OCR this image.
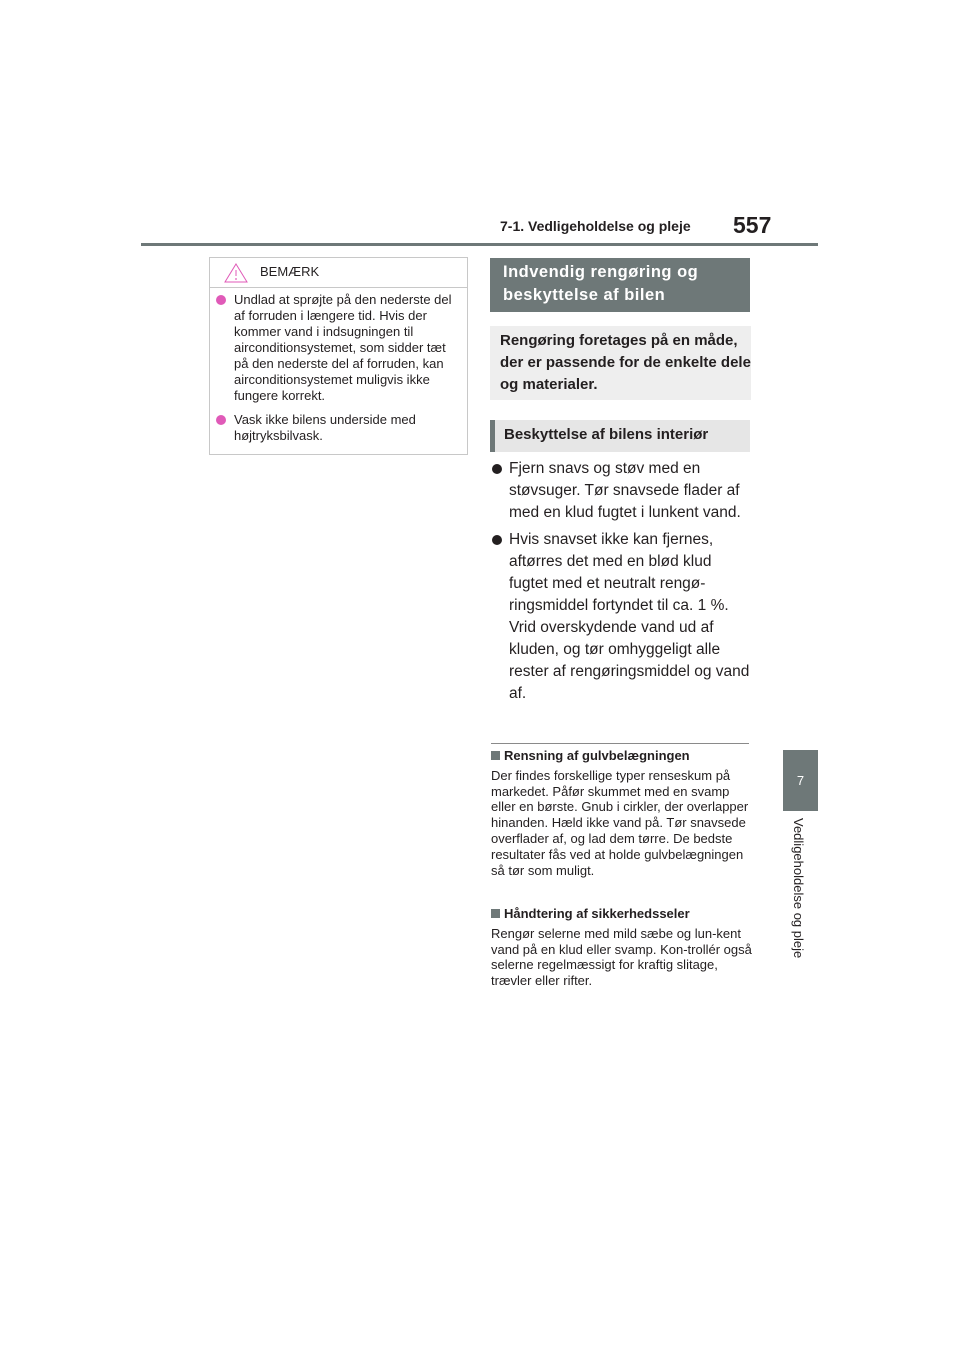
7-1. Vedligeholdelse og pleje 557
7
Vedligeholdelse og pleje
BEMÆRK
Undlad at sprøjte på den nederste del af forruden i længere tid. Hvis der kommer vand i indsugningen til airconditionsystemet, som sidder tæt på den nederste del af forruden, kan airconditionsystemet muligvis ikke fungere korrekt.
Vask ikke bilens underside med højtryksbilvask.
Indvendig rengøring og beskyttelse af bilen
Rengøring foretages på en måde, der er passende for de enkelte dele og materialer.
Beskyttelse af bilens interiør
Fjern snavs og støv med en støvsuger. Tør snavsede flader af med en klud fugtet i lunkent vand.
Hvis snavset ikke kan fjernes, aftørres det med en blød klud fugtet med et neutralt rengø-ringsmiddel fortyndet til ca. 1 %. Vrid overskydende vand ud af kluden, og tør omhyggeligt alle rester af rengøringsmiddel og vand af.
Rensning af gulvbelægningen
Der findes forskellige typer renseskum på markedet. Påfør skummet med en svamp eller en børste. Gnub i cirkler, der overlapper hinanden. Hæld ikke vand på. Tør snavsede overflader af, og lad dem tørre. De bedste resultater fås ved at holde gulvbelægningen så tør som muligt.
Håndtering af sikkerhedsseler
Rengør selerne med mild sæbe og lun-kent vand på en klud eller svamp. Kon-trollér også selerne regelmæssigt for kraftig slitage, trævler eller rifter.
